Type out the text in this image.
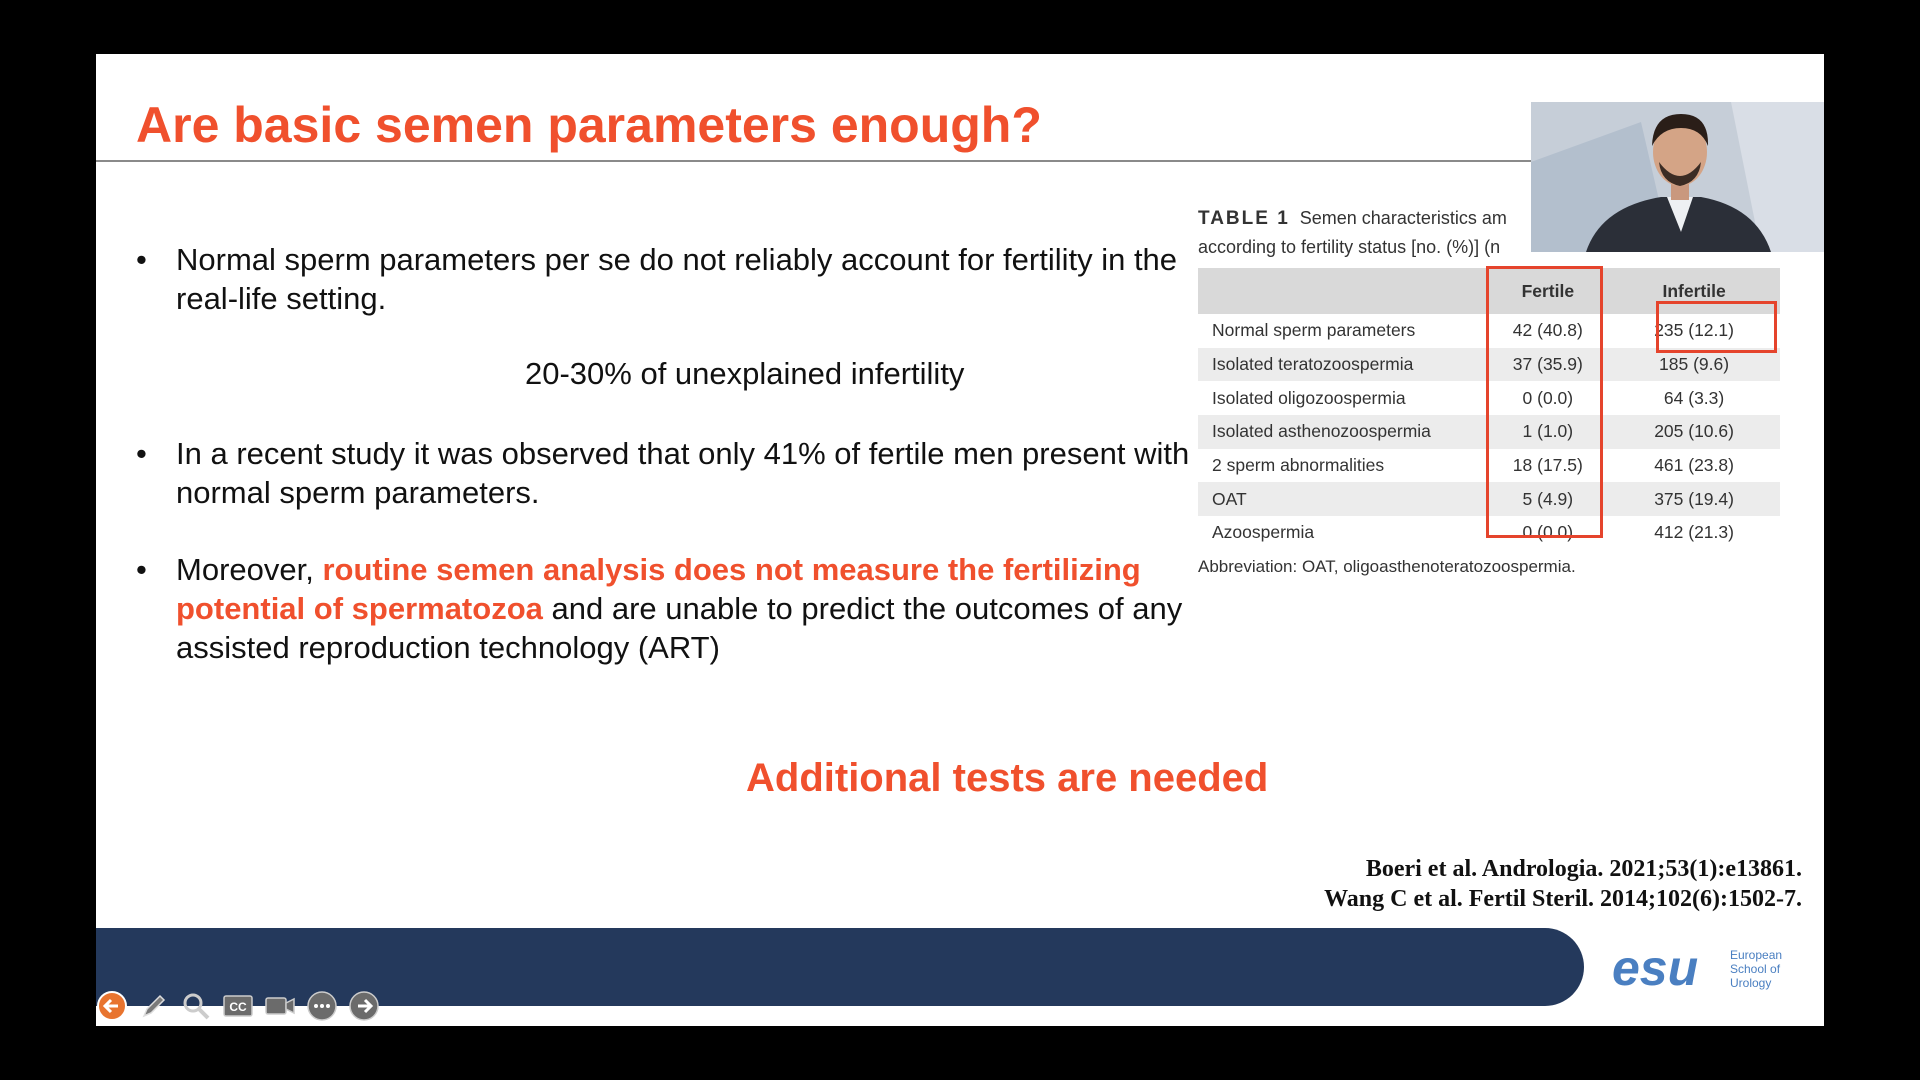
Are basic semen parameters enough?
• Normal sperm parameters per se do not reliably account for fertility in the real-life setting.
• In a recent study it was observed that only 41% of fertile men present with normal sperm parameters.
• Moreover, routine semen analysis does not measure the fertilizing potential of spermatozoa and are unable to predict the outcomes of any assisted reproduction technology (ART)
20-30% of unexplained infertility
TABLE 1 Semen characteristics am
according to fertility status [no. (%)] (n
	Fertile	Infertile
Normal sperm parameters	42 (40.8)	235 (12.1)
Isolated teratozoospermia	37 (35.9)	185 (9.6)
Isolated oligozoospermia	0 (0.0)	64 (3.3)
Isolated asthenozoospermia	1 (1.0)	205 (10.6)
2 sperm abnormalities	18 (17.5)	461 (23.8)
OAT	5 (4.9)	375 (19.4)
Azoospermia	0 (0.0)	412 (21.3)
Abbreviation: OAT, oligoasthenoteratozoospermia.
Additional tests are needed
Boeri et al. Andrologia. 2021;53(1):e13861.
Wang C et al. Fertil Steril. 2014;102(6):1502-7.
esu	European
School of
Urology
CC
